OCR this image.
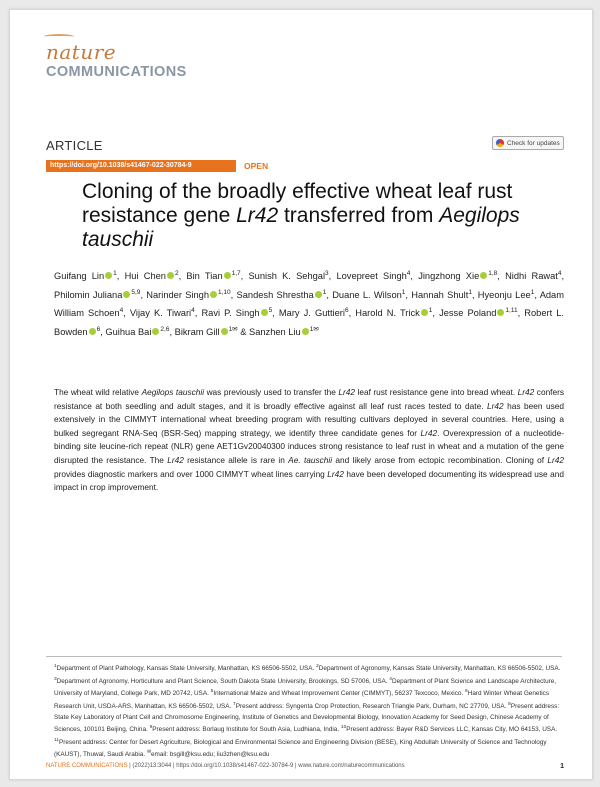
nature
COMMUNICATIONS
ARTICLE	Check for updates
https://doi.org/10.1038/s41467-022-30784-9	OPEN
Cloning of the broadly effective wheat leaf rust resistance gene Lr42 transferred from Aegilops tauschii
Guifang Lin $^1$, Hui Chen $^2$, Bin Tian $^{1,7}$, Sunish K. Sehgal$^3$, Lovepreet Singh$^4$, Jingzhong Xie $^{1,8}$, Nidhi Rawat$^4$, Philomin Juliana $^{5,9}$, Narinder Singh $^{1,10}$, Sandesh Shrestha $^1$, Duane L. Wilson$^1$, Hannah Shult$^1$, Hyeonju Lee$^1$, Adam William Schoen$^4$, Vijay K. Tiwari$^4$, Ravi P. Singh $^5$, Mary J. Guttieri$^6$, Harold N. Trick $^1$, Jesse Poland $^{1,11}$, Robert L. Bowden $^6$, Guihua Bai $^{2,6}$, Bikram Gill $^{1✉}$ & Sanzhen Liu $^{1✉}$
The wheat wild relative Aegilops tauschii was previously used to transfer the Lr42 leaf rust resistance gene into bread wheat. Lr42 confers resistance at both seedling and adult stages, and it is broadly effective against all leaf rust races tested to date. Lr42 has been used extensively in the CIMMYT international wheat breeding program with resulting cultivars deployed in several countries. Here, using a bulked segregant RNA-Seq (BSR-Seq) mapping strategy, we identify three candidate genes for Lr42. Overexpression of a nucleotide-binding site leucine-rich repeat (NLR) gene AET1Gv20040300 induces strong resistance to leaf rust in wheat and a mutation of the gene disrupted the resistance. The Lr42 resistance allele is rare in Ae. tauschii and likely arose from ectopic recombination. Cloning of Lr42 provides diagnostic markers and over 1000 CIMMYT wheat lines carrying Lr42 have been developed documenting its widespread use and impact in crop improvement.
$^1$Department of Plant Pathology, Kansas State University, Manhattan, KS 66506-5502, USA. $^2$Department of Agronomy, Kansas State University, Manhattan, KS 66506-5502, USA. $^3$Department of Agronomy, Horticulture and Plant Science, South Dakota State University, Brookings, SD 57006, USA. $^4$Department of Plant Science and Landscape Architecture, University of Maryland, College Park, MD 20742, USA. $^5$International Maize and Wheat Improvement Center (CIMMYT), 56237 Texcoco, Mexico. $^6$Hard Winter Wheat Genetics Research Unit, USDA-ARS, Manhattan, KS 66506-5502, USA. $^7$Present address: Syngenta Crop Protection, Research Triangle Park, Durham, NC 27709, USA. $^8$Present address: State Key Laboratory of Plant Cell and Chromosome Engineering, Institute of Genetics and Developmental Biology, Innovation Academy for Seed Design, Chinese Academy of Sciences, 100101 Beijing, China. $^9$Present address: Borlaug Institute for South Asia, Ludhiana, India. $^{10}$Present address: Bayer R&D Services LLC, Kansas City, MO 64153, USA. $^{11}$Present address: Center for Desert Agriculture, Biological and Environmental Science and Engineering Division (BESE), King Abdullah University of Science and Technology (KAUST), Thuwal, Saudi Arabia. ✉email: bsgill@ksu.edu; liu3zhen@ksu.edu
NATURE COMMUNICATIONS | (2022)13:3044 | https://doi.org/10.1038/s41467-022-30784-9 | www.nature.com/naturecommunications	1
